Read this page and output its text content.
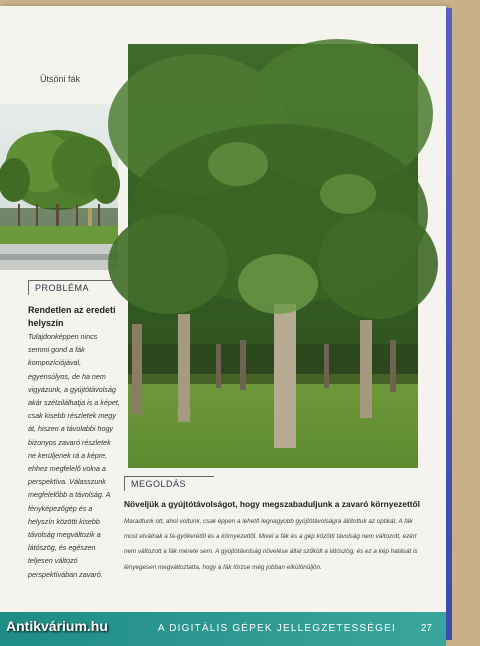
Ütsöni fák
PROBLÉMA
Rendetlen az eredeti helyszín
Tulajdonképpen nincs semmi gond a fák kompozíciójával, egyensúlyos, de ha nem vigyázunk, a gyújtótávolság akár szétzilálhatja is a képet, csak kisebb részletek megy át, hiszen a távolabbi hogy bizonyos zavaró részletek ne kerüljenek rá a képre, ehhez megfelelő volna a perspektíva. Válasszunk megfelelőbb a távolság. A fényképezőgép és a helyszín közötti kisebb távolság megváltozik a látószög, és egészen teljesen változó perspektívában zavaró.
MEGOLDÁS
Növeljük a gyújtótávolságot, hogy megszabaduljunk a zavaró környezettől
Maradtunk ott, ahol voltunk, csak éppen a lehető legnagyobb gyújtótávolságra állítottuk az optikát. A fák most elválnak a fa-gyökerétől és a környezettől. Mivel a fák és a gép közötti távolság nem változott, ezért nem változott a fák mérete sem. A gyújtótávolság növelése által szűkült a látószög, és ez a kép hatását is lényegesen megváltoztatta, hogy a fák törzse még jobban elkülönüljön.
A DIGITÁLIS GÉPEK JELLEGZETESSÉGEI 27
Antikvárium.hu
